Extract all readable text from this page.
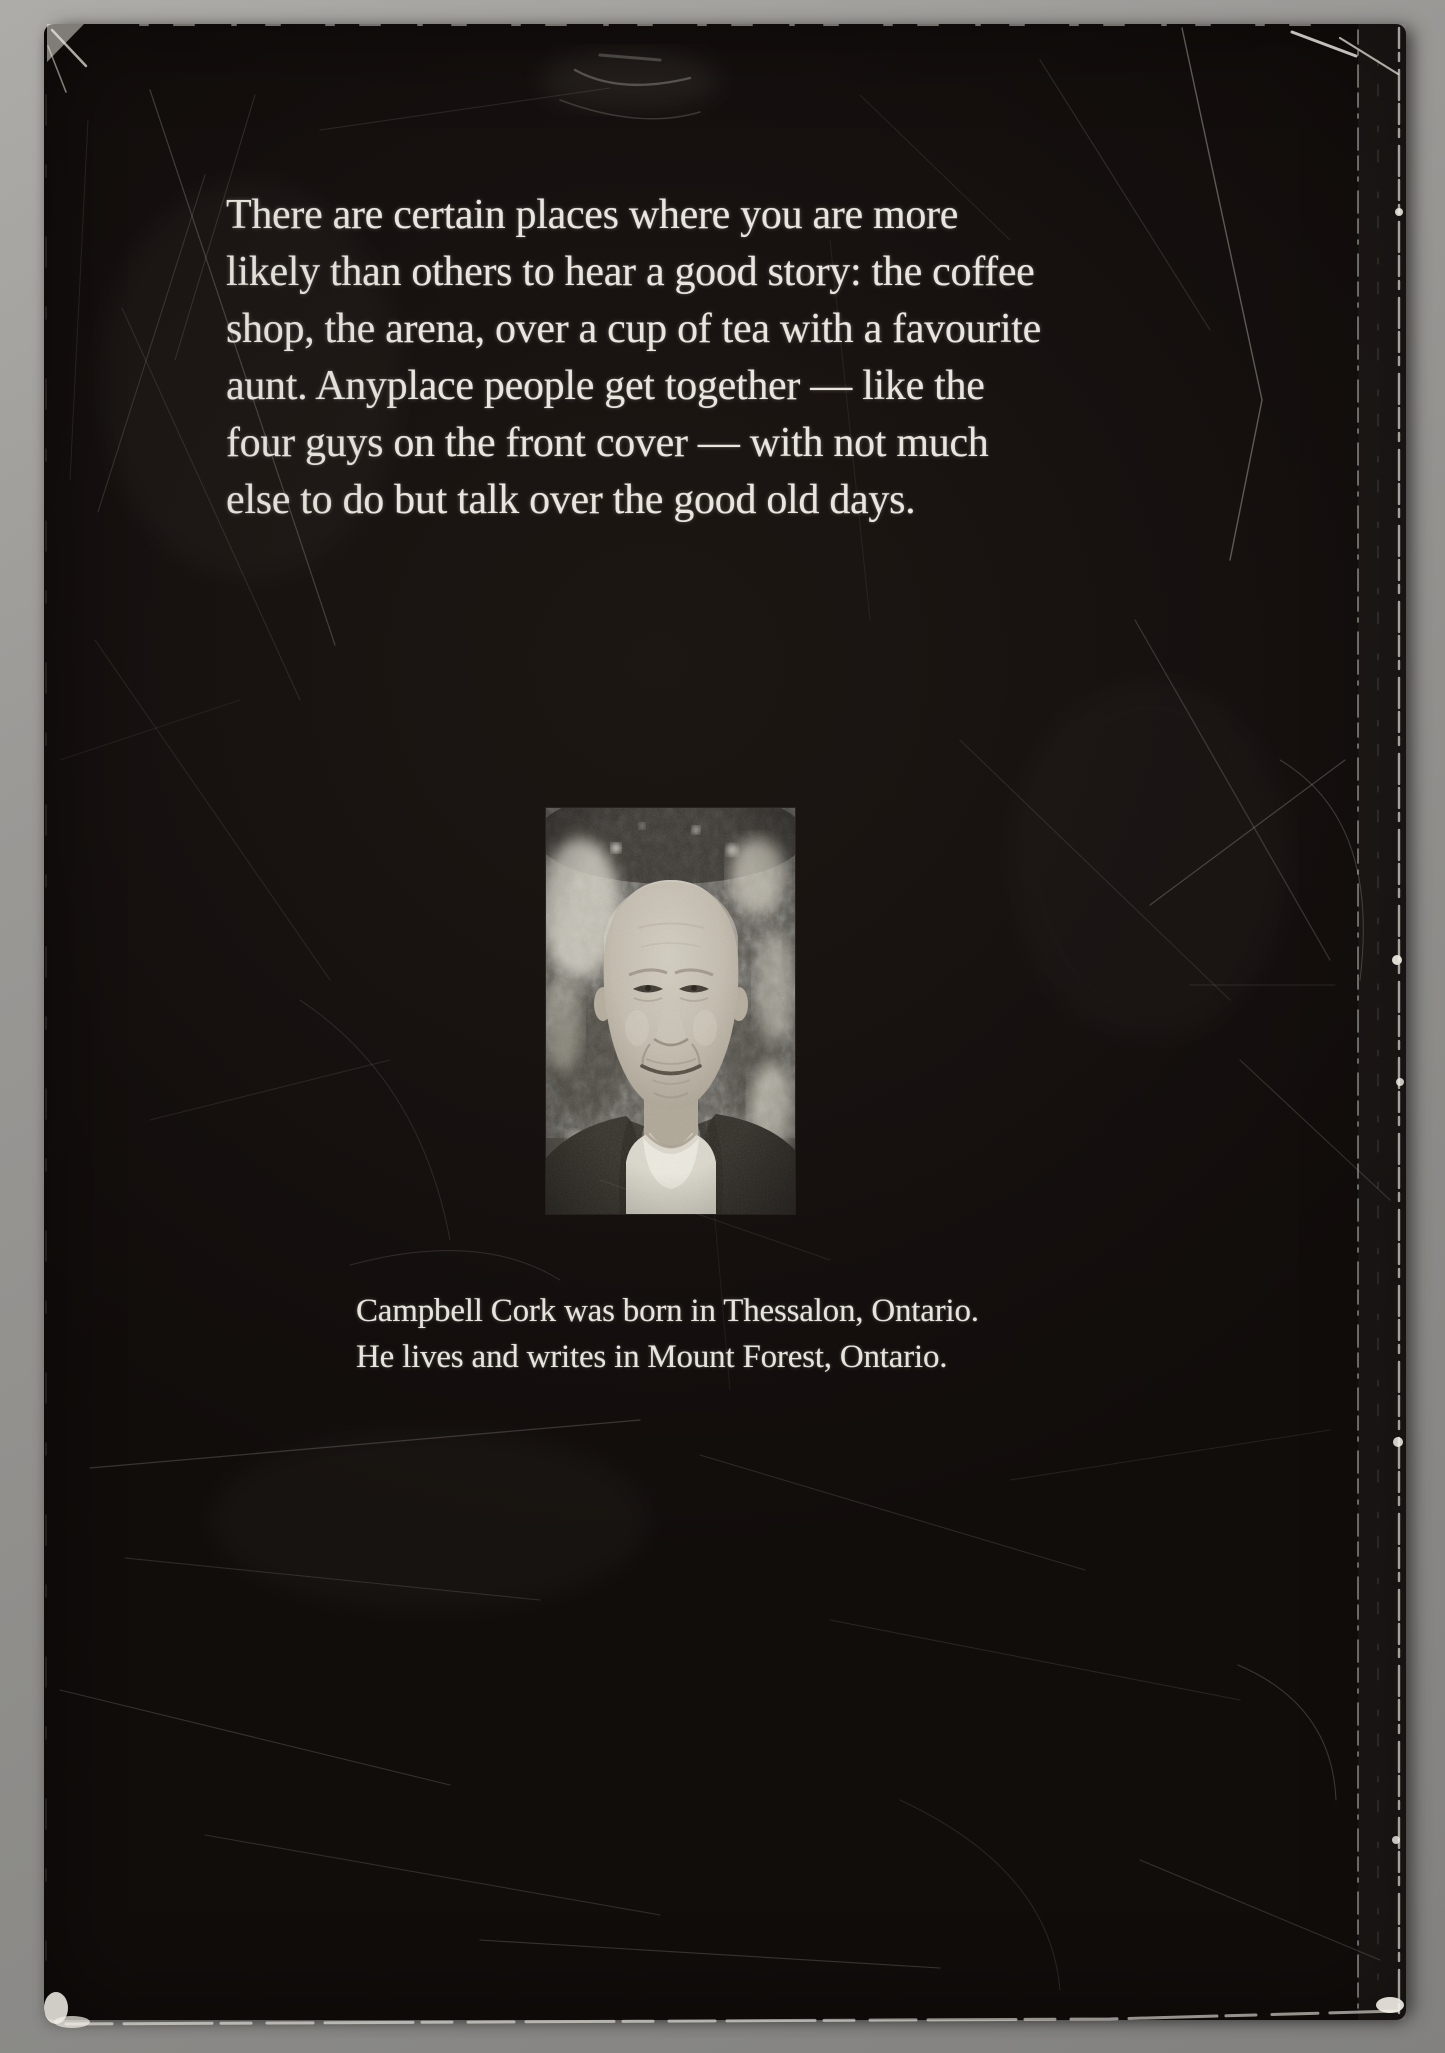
There are certain places where you are more
likely than others to hear a good story: the coffee
shop, the arena, over a cup of tea with a favourite
aunt. Anyplace people get together — like the
four guys on the front cover — with not much
else to do but talk over the good old days.
Campbell Cork was born in Thessalon, Ontario.
He lives and writes in Mount Forest, Ontario.
